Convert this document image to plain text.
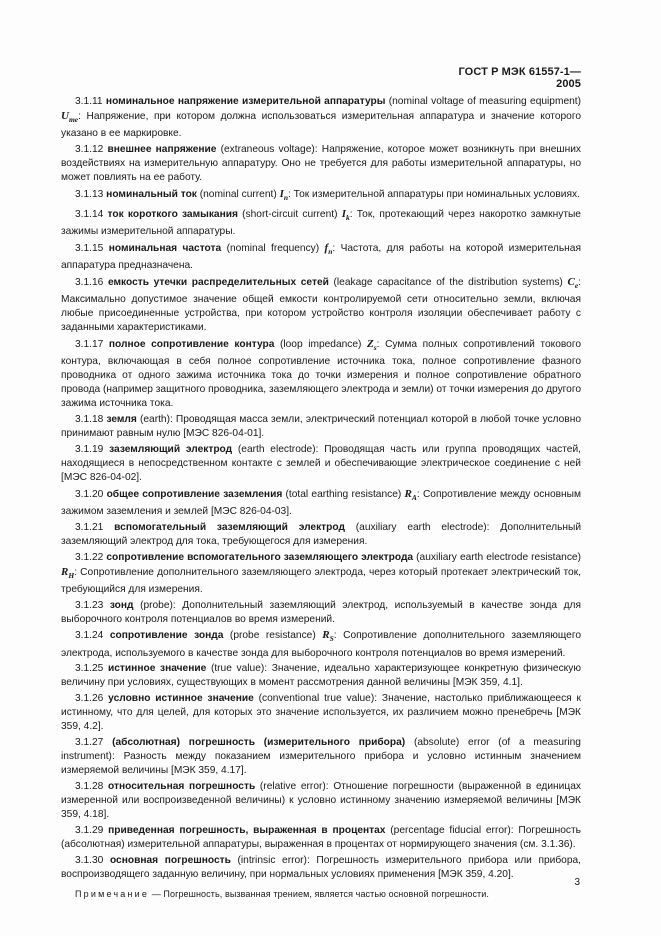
ГОСТ Р МЭК 61557-1—2005

3.1.11 номинальное напряжение измерительной аппаратуры (nominal voltage of measuring equipment) $U_{me}$: Напряжение, при котором должна использоваться измерительная аппаратура и значение которого указано в ее маркировке.

3.1.12 внешнее напряжение (extraneous voltage): Напряжение, которое может возникнуть при внешних воздействиях на измерительную аппаратуру. Оно не требуется для работы измерительной аппаратуры, но может повлиять на ее работу.

3.1.13 номинальный ток (nominal current) $I_n$: Ток измерительной аппаратуры при номинальных условиях.

3.1.14 ток короткого замыкания (short-circuit current) $I_k$: Ток, протекающий через накоротко замкнутые зажимы измерительной аппаратуры.

3.1.15 номинальная частота (nominal frequency) $f_n$: Частота, для работы на которой измерительная аппаратура предназначена.

3.1.16 емкость утечки распределительных сетей (leakage capacitance of the distribution systems) $C_e$: Максимально допустимое значение общей емкости контролируемой сети относительно земли, включая любые присоединенные устройства, при котором устройство контроля изоляции обеспечивает работу с заданными характеристиками.

3.1.17 полное сопротивление контура (loop impedance) $Z_s$: Сумма полных сопротивлений токового контура, включающая в себя полное сопротивление источника тока, полное сопротивление фазного проводника от одного зажима источника тока до точки измерения и полное сопротивление обратного провода (например защитного проводника, заземляющего электрода и земли) от точки измерения до другого зажима источника тока.

3.1.18 земля (earth): Проводящая масса земли, электрический потенциал которой в любой точке условно принимают равным нулю [МЭС 826-04-01].

3.1.19 заземляющий электрод (earth electrode): Проводящая часть или группа проводящих частей, находящиеся в непосредственном контакте с землей и обеспечивающие электрическое соединение с ней [МЭС 826-04-02].

3.1.20 общее сопротивление заземления (total earthing resistance) $R_A$: Сопротивление между основным зажимом заземления и землей [МЭС 826-04-03].

3.1.21 вспомогательный заземляющий электрод (auxiliary earth electrode): Дополнительный заземляющий электрод для тока, требующегося для измерения.

3.1.22 сопротивление вспомогательного заземляющего электрода (auxiliary earth electrode resistance) $R_H$: Сопротивление дополнительного заземляющего электрода, через который протекает электрический ток, требующийся для измерения.

3.1.23 зонд (probe): Дополнительный заземляющий электрод, используемый в качестве зонда для выборочного контроля потенциалов во время измерений.

3.1.24 сопротивление зонда (probe resistance) $R_S$: Сопротивление дополнительного заземляющего электрода, используемого в качестве зонда для выборочного контроля потенциалов во время измерений.

3.1.25 истинное значение (true value): Значение, идеально характеризующее конкретную физическую величину при условиях, существующих в момент рассмотрения данной величины [МЭК 359, 4.1].

3.1.26 условно истинное значение (conventional true value): Значение, настолько приближающееся к истинному, что для целей, для которых это значение используется, их различием можно пренебречь [МЭК 359, 4.2].

3.1.27 (абсолютная) погрешность (измерительного прибора) (absolute) error (of a measuring instrument): Разность между показанием измерительного прибора и условно истинным значением измеряемой величины [МЭК 359, 4.17].

3.1.28 относительная погрешность (relative error): Отношение погрешности (выраженной в единицах измеренной или воспроизведенной величины) к условно истинному значению измеряемой величины [МЭК 359, 4.18].

3.1.29 приведенная погрешность, выраженная в процентах (percentage fiducial error): Погрешность (абсолютная) измерительной аппаратуры, выраженная в процентах от нормирующего значения (см. 3.1.36).

3.1.30 основная погрешность (intrinsic error): Погрешность измерительного прибора или прибора, воспроизводящего заданную величину, при нормальных условиях применения [МЭК 359, 4.20].

Примечание — Погрешность, вызванная трением, является частью основной погрешности.

3
